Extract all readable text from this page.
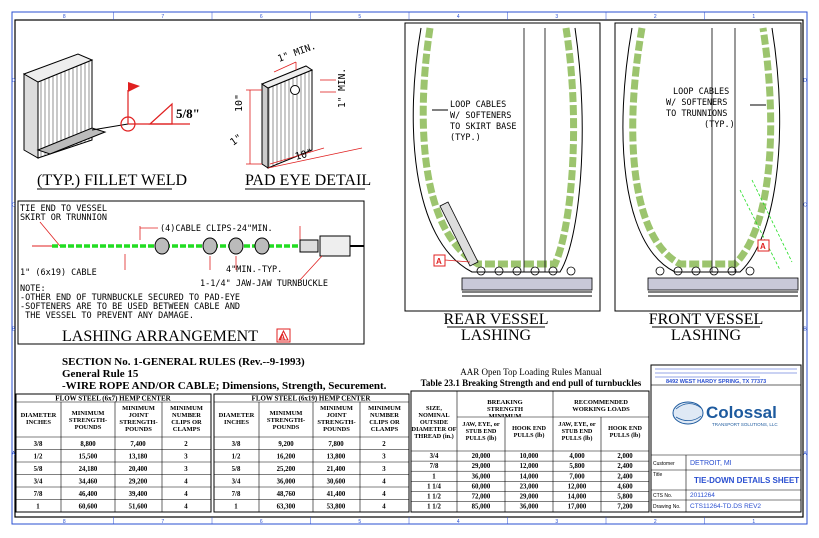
8	7	6	5	4	3	2	1
8	7	6	5	4	3	2	1
D
C
B
A
D
C
B
A
5/8"
(TYP.) FILLET WELD
10"
1" MIN.
1" MIN.
10"
1"
PAD EYE DETAIL
TIE END TO VESSEL
SKIRT OR TRUNNION
(4)CABLE CLIPS-24"MIN.
4"MIN.-TYP.
1-1/4" JAW-JAW TURNBUCKLE
1" (6x19) CABLE
NOTE:
-OTHER END OF TURNBUCKLE SECURED TO PAD-EYE
-SOFTENERS ARE TO BE USED BETWEEN CABLE AND
THE VESSEL TO PREVENT ANY DAMAGE.
LASHING ARRANGEMENT	A
LOOP CABLES
W/ SOFTENERS
TO SKIRT BASE
(TYP.)
A
REAR VESSEL
LASHING
LOOP CABLES
W/ SOFTENERS
TO TRUNNIONS
(TYP.)
A
FRONT VESSEL
LASHING
SECTION No. 1-GENERAL RULES (Rev.--9-1993)
General Rule 15
-WIRE ROPE AND/OR CABLE; Dimensions, Strength, Securement.
FLOW STEEL (6x7) HEMP CENTER
DIAMETER INCHES
MINIMUM STRENGTH-POUNDS
MINIMUM JOINT STRENGTH-POUNDS
MINIMUM NUMBER CLIPS OR CLAMPS
3/8	8,800	7,400	2
1/2	15,500	13,180	3
5/8	24,180	20,400	3
3/4	34,460	29,200	4
7/8	46,400	39,400	4
1	60,600	51,600	4
FLOW STEEL (6x19) HEMP CENTER
DIAMETER INCHES
MINIMUM STRENGTH-POUNDS
MINIMUM JOINT STRENGTH-POUNDS
MINIMUM NUMBER CLIPS OR CLAMPS
3/8	9,200	7,800	2
1/2	16,200	13,800	3
5/8	25,200	21,400	3
3/4	36,000	30,600	4
7/8	48,760	41,400	4
1	63,300	53,800	4
AAR Open Top Loading Rules Manual
Table 23.1 Breaking Strength and end pull of turnbuckles
SIZE, NOMINAL OUTSIDE DIAMETER OF THREAD (in.)
BREAKING STRENGTH MINIMUM
RECOMMENDED WORKING LOADS
JAW, EYE, or STUB END PULLS (lb)
HOOK END PULLS (lb)
JAW, EYE, or STUB END PULLS (lb)
HOOK END PULLS (lb)
3/4	20,000	10,000	4,000	2,000
7/8	29,000	12,000	5,800	2,400
1	36,000	14,000	7,000	2,400
1 1/4	60,000	23,000	12,000	4,600
1 1/2	72,000	29,000	14,000	5,800
1 1/2	85,000	36,000	17,000	7,200
8492 WEST HARDY SPRING, TX 77373
Colossal
TRANSPORT SOLUTIONS, LLC
Customer DETROIT, MI
Title
TIE-DOWN DETAILS SHEET
CTS No.	2011264
Drawing No. CTS11264-TD.DS REV2
